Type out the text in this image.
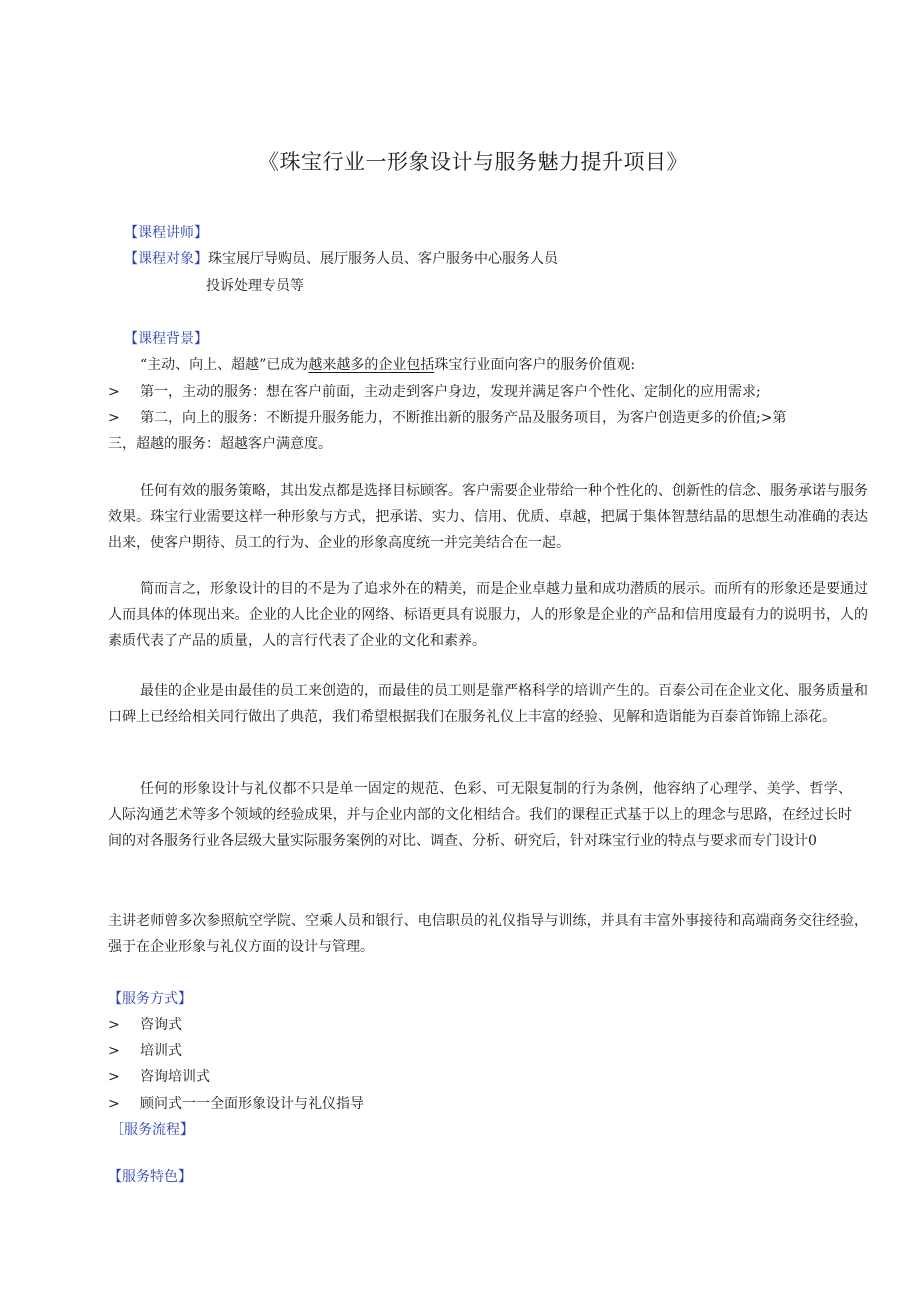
《珠宝行业一形象设计与服务魅力提升项目》
【课程讲师】
【课程对象】珠宝展厅导购员、展厅服务人员、客户服务中心服务人员
投诉处理专员等
【课程背景】
“主动、向上、超越”已成为越来越多的企业包括珠宝行业面向客户的服务价值观:
> 第一，主动的服务：想在客户前面，主动走到客户身边，发现并满足客户个性化、定制化的应用需求;
> 第二，向上的服务：不断提升服务能力，不断推出新的服务产品及服务项目，为客户创造更多的价值;>第
三，超越的服务：超越客户满意度。
任何有效的服务策略，其出发点都是选择目标顾客。客户需要企业带给一种个性化的、创新性的信念、服务承诺与服务效果。珠宝行业需要这样一种形象与方式，把承诺、实力、信用、优质、卓越，把属于集体智慧结晶的思想生动准确的表达出来，使客户期待、员工的行为、企业的形象高度统一并完美结合在一起。
简而言之，形象设计的目的不是为了追求外在的精美，而是企业卓越力量和成功潜质的展示。而所有的形象还是要通过人而具体的体现出来。企业的人比企业的网络、标语更具有说服力，人的形象是企业的产品和信用度最有力的说明书，人的素质代表了产品的质量，人的言行代表了企业的文化和素养。
最佳的企业是由最佳的员工来创造的，而最佳的员工则是靠严格科学的培训产生的。百泰公司在企业文化、服务质量和口碑上已经给相关同行做出了典范，我们希望根据我们在服务礼仪上丰富的经验、见解和造诣能为百泰首饰锦上添花。
任何的形象设计与礼仪都不只是单一固定的规范、色彩、可无限复制的行为条例，他容纳了心理学、美学、哲学、人际沟通艺术等多个领域的经验成果，并与企业内部的文化相结合。我们的课程正式基于以上的理念与思路，在经过长时间的对各服务行业各层级大量实际服务案例的对比、调查、分析、研究后，针对珠宝行业的特点与要求而专门设计0
主讲老师曾多次参照航空学院、空乘人员和银行、电信职员的礼仪指导与训练，并具有丰富外事接待和高端商务交往经验，强于在企业形象与礼仪方面的设计与管理。
【服务方式】
> 咨询式
> 培训式
> 咨询培训式
> 顾问式一一全面形象设计与礼仪指导
［服务流程】
【服务特色】
